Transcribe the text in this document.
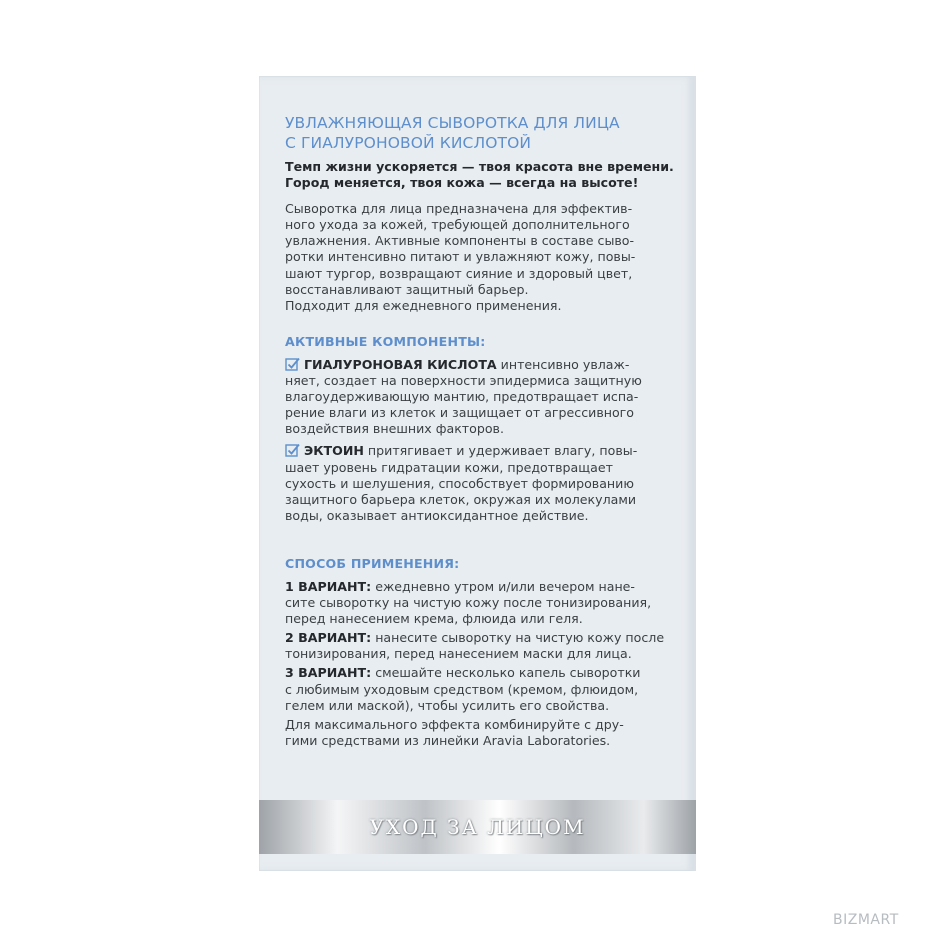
УВЛАЖНЯЮЩАЯ СЫВОРОТКА ДЛЯ ЛИЦА
С ГИАЛУРОНОВОЙ КИСЛОТОЙ
Темп жизни ускоряется — твоя красота вне времени.
Город меняется, твоя кожа — всегда на высоте!
Сыворотка для лица предназначена для эффектив-
ного ухода за кожей, требующей дополнительного
увлажнения. Активные компоненты в составе сыво-
ротки интенсивно питают и увлажняют кожу, повы-
шают тургор, возвращают сияние и здоровый цвет,
восстанавливают защитный барьер.
Подходит для ежедневного применения.
АКТИВНЫЕ КОМПОНЕНТЫ:
ГИАЛУРОНОВАЯ КИСЛОТА интенсивно увлаж-
няет, создает на поверхности эпидермиса защитную
влагоудерживающую мантию, предотвращает испа-
рение влаги из клеток и защищает от агрессивного
воздействия внешних факторов.
ЭКТОИН притягивает и удерживает влагу, повы-
шает уровень гидратации кожи, предотвращает
сухость и шелушения, способствует формированию
защитного барьера клеток, окружая их молекулами
воды, оказывает антиоксидантное действие.
СПОСОБ ПРИМЕНЕНИЯ:
1 ВАРИАНТ: ежедневно утром и/или вечером нане-
сите сыворотку на чистую кожу после тонизирования,
перед нанесением крема, флюида или геля.
2 ВАРИАНТ: нанесите сыворотку на чистую кожу после
тонизирования, перед нанесением маски для лица.
3 ВАРИАНТ: смешайте несколько капель сыворотки
с любимым уходовым средством (кремом, флюидом,
гелем или маской), чтобы усилить его свойства.
Для максимального эффекта комбинируйте с дру-
гими средствами из линейки Aravia Laboratories.
УХОД ЗА ЛИЦОМ
BIZMART
